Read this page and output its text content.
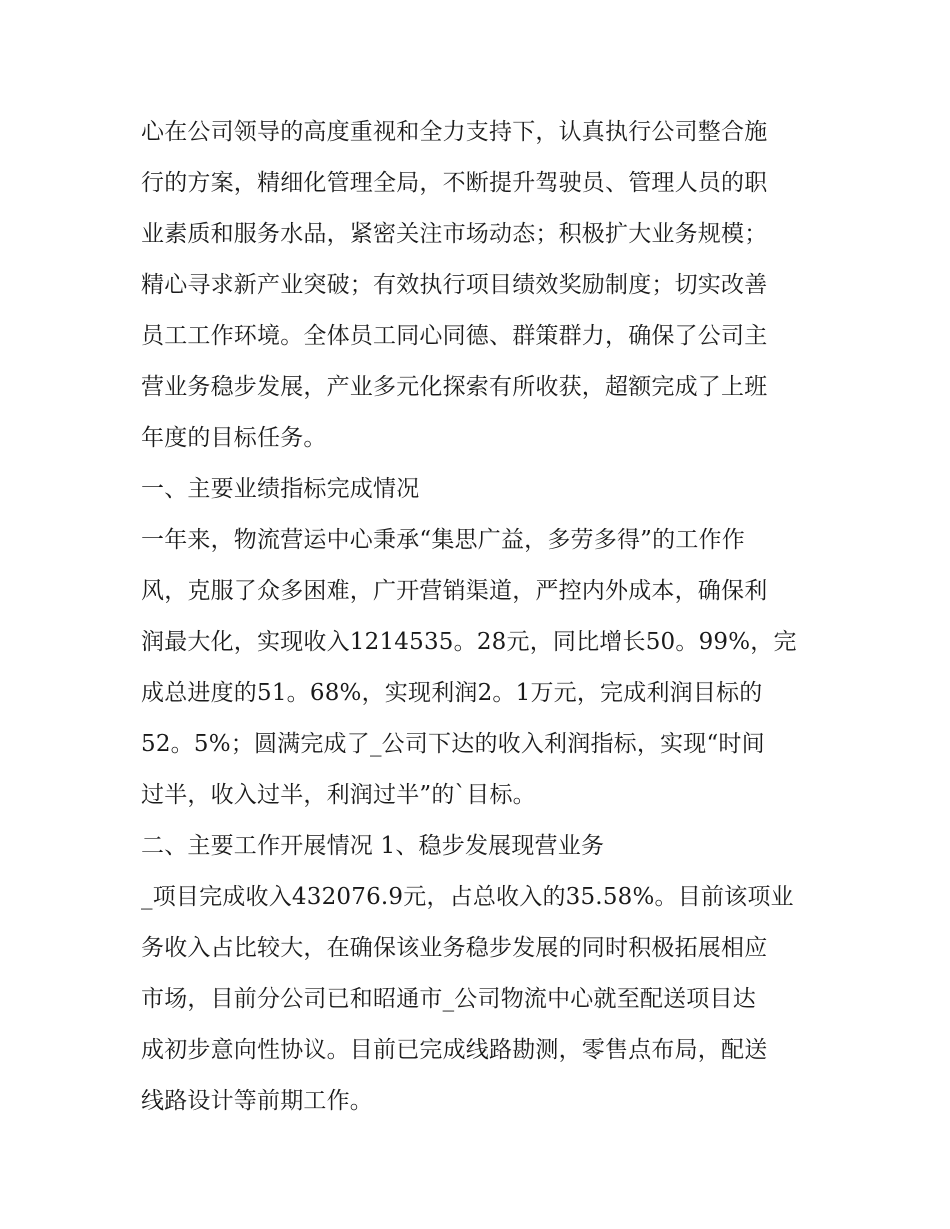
心在公司领导的高度重视和全力支持下，认真执行公司整合施
行的方案，精细化管理全局，不断提升驾驶员、管理人员的职
业素质和服务水品，紧密关注市场动态；积极扩大业务规模；
精心寻求新产业突破；有效执行项目绩效奖励制度；切实改善
员工工作环境。全体员工同心同德、群策群力，确保了公司主
营业务稳步发展，产业多元化探索有所收获，超额完成了上班
年度的目标任务。
一、主要业绩指标完成情况
一年来，物流营运中心秉承“集思广益，多劳多得”的工作作
风，克服了众多困难，广开营销渠道，严控内外成本，确保利
润最大化，实现收入1214535。28元，同比增长50。99%，完
成总进度的51。68%，实现利润2。1万元，完成利润目标的
52。5%；圆满完成了_公司下达的收入利润指标，实现“时间
过半，收入过半，利润过半”的`目标。
二、主要工作开展情况 1、稳步发展现营业务
_项目完成收入432076.9元，占总收入的35.58%。目前该项业
务收入占比较大，在确保该业务稳步发展的同时积极拓展相应
市场，目前分公司已和昭通市_公司物流中心就至配送项目达
成初步意向性协议。目前已完成线路勘测，零售点布局，配送
线路设计等前期工作。
